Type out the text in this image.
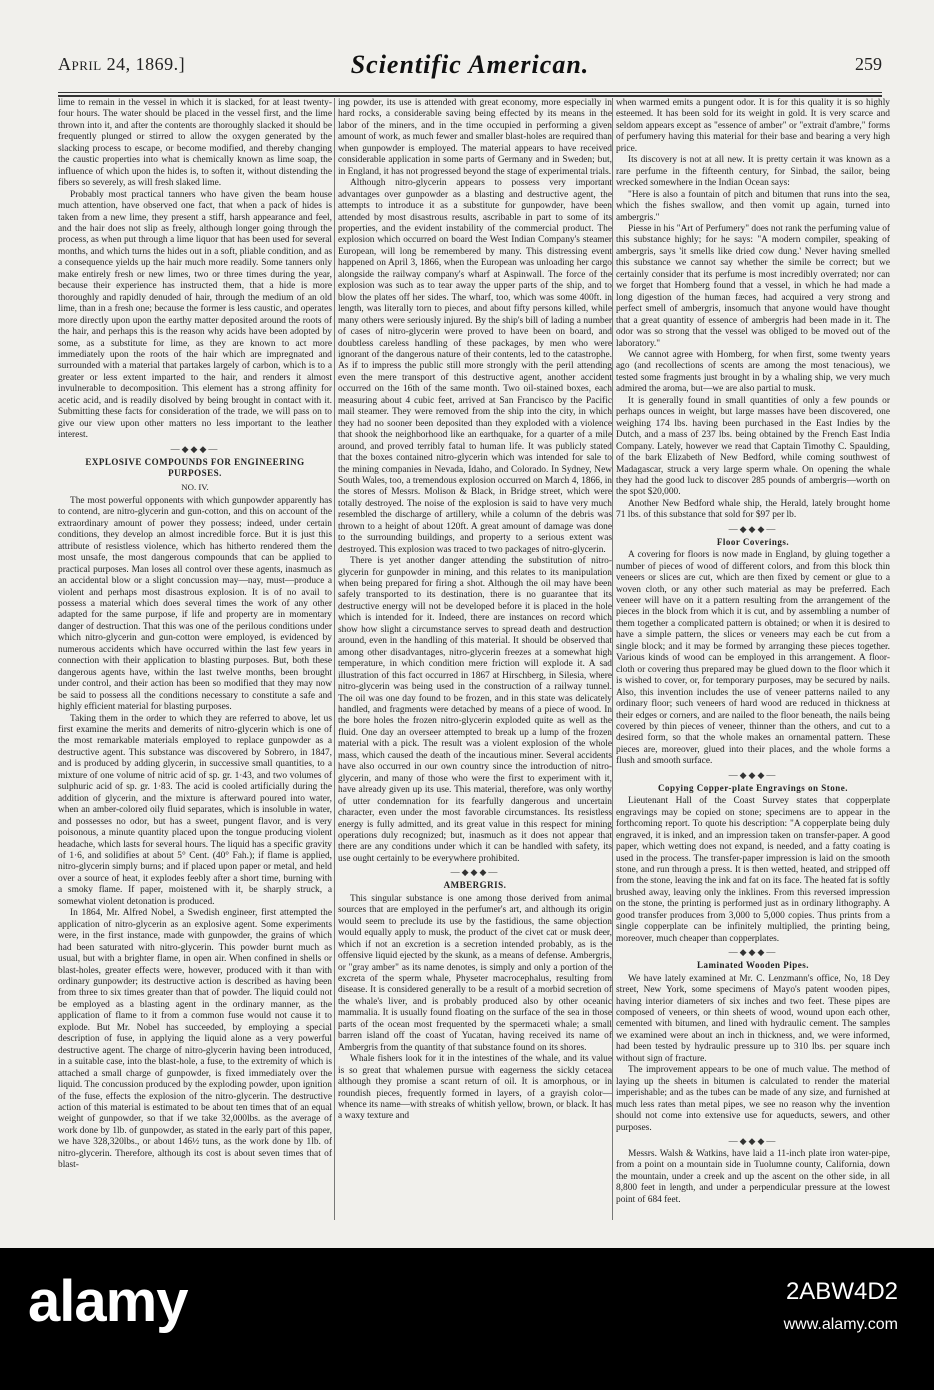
April 24, 1869.]	Scientific American.	259

lime to remain in the vessel in which it is slacked, for at least twenty-four hours. The water should be placed in the vessel first, and the lime thrown into it, and after the contents are thoroughly slacked it should be frequently plunged or stirred to allow the oxygen generated by the slacking process to escape, or become modified, and thereby changing the caustic properties into what is chemically known as lime soap, the influence of which upon the hides is, to soften it, without distending the fibers so severely, as will fresh slaked lime.

Probably most practical tanners who have given the beam house much attention, have observed one fact, that when a pack of hides is taken from a new lime, they present a stiff, harsh appearance and feel, and the hair does not slip as freely, although longer going through the process, as when put through a lime liquor that has been used for several months, and which turns the hides out in a soft, pliable condition, and as a consequence yields up the hair much more readily. Some tanners only make entirely fresh or new limes, two or three times during the year, because their experience has instructed them, that a hide is more thoroughly and rapidly denuded of hair, through the medium of an old lime, than in a fresh one; because the former is less caustic, and operates more directly upon upon the earthy matter deposited around the roots of the hair, and perhaps this is the reason why acids have been adopted by some, as a substitute for lime, as they are known to act more immediately upon the roots of the hair which are impregnated and surrounded with a material that partakes largely of carbon, which is to a greater or less extent imparted to the hair, and renders it almost invulnerable to decomposition. This element has a strong affinity for acetic acid, and is readily disolved by being brought in contact with it. Submitting these facts for consideration of the trade, we will pass on to give our view upon other matters no less important to the leather interest.

—◆◆◆—
EXPLOSIVE COMPOUNDS FOR ENGINEERING PURPOSES.
NO. IV.

The most powerful opponents with which gunpowder apparently has to contend, are nitro-glycerin and gun-cotton, and this on account of the extraordinary amount of power they possess; indeed, under certain conditions, they develop an almost incredible force. But it is just this attribute of resistless violence, which has hitherto rendered them the most unsafe, the most dangerous compounds that can be applied to practical purposes. Man loses all control over these agents, inasmuch as an accidental blow or a slight concussion may—nay, must—produce a violent and perhaps most disastrous explosion. It is of no avail to possess a material which does several times the work of any other adapted for the same purpose, if life and property are in momentary danger of destruction. That this was one of the perilous conditions under which nitro-glycerin and gun-cotton were employed, is evidenced by numerous accidents which have occurred within the last few years in connection with their application to blasting purposes. But, both these dangerous agents have, within the last twelve months, been brought under control, and their action has been so modified that they may now be said to possess all the conditions necessary to constitute a safe and highly efficient material for blasting purposes.

Taking them in the order to which they are referred to above, let us first examine the merits and demerits of nitro-glycerin which is one of the most remarkable materials employed to replace gunpowder as a destructive agent. This substance was discovered by Sobrero, in 1847, and is produced by adding glycerin, in successive small quantities, to a mixture of one volume of nitric acid of sp. gr. 1·43, and two volumes of sulphuric acid of sp. gr. 1·83. The acid is cooled artificially during the addition of glycerin, and the mixture is afterward poured into water, when an amber-colored oily fluid separates, which is insoluble in water, and possesses no odor, but has a sweet, pungent flavor, and is very poisonous, a minute quantity placed upon the tongue producing violent headache, which lasts for several hours. The liquid has a specific gravity of 1·6, and solidifies at about 5° Cent. (40° Fah.); if flame is applied, nitro-glycerin simply burns; and if placed upon paper or metal, and held over a source of heat, it explodes feebly after a short time, burning with a smoky flame. If paper, moistened with it, be sharply struck, a somewhat violent detonation is produced.

In 1864, Mr. Alfred Nobel, a Swedish engineer, first attempted the application of nitro-glycerin as an explosive agent. Some experiments were, in the first instance, made with gunpowder, the grains of which had been saturated with nitro-glycerin. This powder burnt much as usual, but with a brighter flame, in open air. When confined in shells or blast-holes, greater effects were, however, produced with it than with ordinary gunpowder; its destructive action is described as having been from three to six times greater than that of powder. The liquid could not be employed as a blasting agent in the ordinary manner, as the application of flame to it from a common fuse would not cause it to explode. But Mr. Nobel has succeeded, by employing a special description of fuse, in applying the liquid alone as a very powerful destructive agent. The charge of nitro-glycerin having been introduced, in a suitable case, into the blast-hole, a fuse, to the extremity of which is attached a small charge of gunpowder, is fixed immediately over the liquid. The concussion produced by the exploding powder, upon ignition of the fuse, effects the explosion of the nitro-glycerin. The destructive action of this material is estimated to be about ten times that of an equal weight of gunpowder, so that if we take 32,000lbs. as the average of work done by 1lb. of gunpowder, as stated in the early part of this paper, we have 328,320lbs., or about 146½ tuns, as the work done by 1lb. of nitro-glycerin. Therefore, although its cost is about seven times that of blast-

ing powder, its use is attended with great economy, more especially in hard rocks, a considerable saving being effected by its means in the labor of the miners, and in the time occupied in performing a given amount of work, as much fewer and smaller blast-holes are required than when gunpowder is employed. The material appears to have received considerable application in some parts of Germany and in Sweden; but, in England, it has not progressed beyond the stage of experimental trials.

Although nitro-glycerin appears to possess very important advantages over gunpowder as a blasting and destructive agent, the attempts to introduce it as a substitute for gunpowder, have been attended by most disastrous results, ascribable in part to some of its properties, and the evident instability of the commercial product. The explosion which occurred on board the West Indian Company's steamer European, will long be remembered by many. This distressing event happened on April 3, 1866, when the European was unloading her cargo alongside the railway company's wharf at Aspinwall. The force of the explosion was such as to tear away the upper parts of the ship, and to blow the plates off her sides. The wharf, too, which was some 400ft. in length, was literally torn to pieces, and about fifty persons killed, while many others were seriously injured. By the ship's bill of lading a number of cases of nitro-glycerin were proved to have been on board, and doubtless careless handling of these packages, by men who were ignorant of the dangerous nature of their contents, led to the catastrophe. As if to impress the public still more strongly with the peril attending even the mere transport of this destructive agent, another accident occurred on the 16th of the same month. Two oil-stained boxes, each measuring about 4 cubic feet, arrived at San Francisco by the Pacific mail steamer. They were removed from the ship into the city, in which they had no sooner been deposited than they exploded with a violence that shook the neighborhood like an earthquake, for a quarter of a mile around, and proved terribly fatal to human life. It was publicly stated that the boxes contained nitro-glycerin which was intended for sale to the mining companies in Nevada, Idaho, and Colorado. In Sydney, New South Wales, too, a tremendous explosion occurred on March 4, 1866, in the stores of Messrs. Molison & Black, in Bridge street, which were totally destroyed. The noise of the explosion is said to have very much resembled the discharge of artillery, while a column of the debris was thrown to a height of about 120ft. A great amount of damage was done to the surrounding buildings, and property to a serious extent was destroyed. This explosion was traced to two packages of nitro-glycerin.

There is yet another danger attending the substitution of nitro-glycerin for gunpowder in mining, and this relates to its manipulation when being prepared for firing a shot. Although the oil may have been safely transported to its destination, there is no guarantee that its destructive energy will not be developed before it is placed in the hole which is intended for it. Indeed, there are instances on record which show how slight a circumstance serves to spread death and destruction around, even in the handling of this material. It should be observed that among other disadvantages, nitro-glycerin freezes at a somewhat high temperature, in which condition mere friction will explode it. A sad illustration of this fact occurred in 1867 at Hirschberg, in Silesia, where nitro-glycerin was being used in the construction of a railway tunnel. The oil was one day found to be frozen, and in this state was delicately handled, and fragments were detached by means of a piece of wood. In the bore holes the frozen nitro-glycerin exploded quite as well as the fluid. One day an overseer attempted to break up a lump of the frozen material with a pick. The result was a violent explosion of the whole mass, which caused the death of the incautious miner. Several accidents have also occurred in our own country since the introduction of nitro-glycerin, and many of those who were the first to experiment with it, have already given up its use. This material, therefore, was only worthy of utter condemnation for its fearfully dangerous and uncertain character, even under the most favorable circumstances. Its resistless energy is fully admitted, and its great value in this respect for mining operations duly recognized; but, inasmuch as it does not appear that there are any conditions under which it can be handled with safety, its use ought certainly to be everywhere prohibited.

—◆◆◆—
AMBERGRIS.

This singular substance is one among those derived from animal sources that are employed in the perfumer's art, and although its origin would seem to preclude its use by the fastidious, the same objection would equally apply to musk, the product of the civet cat or musk deer, which if not an excretion is a secretion intended probably, as is the offensive liquid ejected by the skunk, as a means of defense. Ambergris, or "gray amber" as its name denotes, is simply and only a portion of the excreta of the sperm whale, Physeter macrocephalus, resulting from disease. It is considered generally to be a result of a morbid secretion of the whale's liver, and is probably produced also by other oceanic mammalia. It is usually found floating on the surface of the sea in those parts of the ocean most frequented by the spermaceti whale; a small barren island off the coast of Yucatan, having received its name of Ambergris from the quantity of that substance found on its shores.

Whale fishers look for it in the intestines of the whale, and its value is so great that whalemen pursue with eagerness the sickly cetacea although they promise a scant return of oil. It is amorphous, or in roundish pieces, frequently formed in layers, of a grayish color—whence its name—with streaks of whitish yellow, brown, or black. It has a waxy texture and

when warmed emits a pungent odor. It is for this quality it is so highly esteemed. It has been sold for its weight in gold. It is very scarce and seldom appears except as "essence of amber" or "extrait d'ambre," forms of perfumery having this material for their base and bearing a very high price.

Its discovery is not at all new. It is pretty certain it was known as a rare perfume in the fifteenth century, for Sinbad, the sailor, being wrecked somewhere in the Indian Ocean says:

"Here is also a fountain of pitch and bitumen that runs into the sea, which the fishes swallow, and then vomit up again, turned into ambergris."

Piesse in his "Art of Perfumery" does not rank the perfuming value of this substance highly; for he says: "A modern compiler, speaking of ambergris, says 'it smells like dried cow dung.' Never having smelled this substance we cannot say whether the simile be correct; but we certainly consider that its perfume is most incredibly overrated; nor can we forget that Homberg found that a vessel, in which he had made a long digestion of the human fæces, had acquired a very strong and perfect smell of ambergris, insomuch that anyone would have thought that a great quantity of essence of ambergris had been made in it. The odor was so strong that the vessel was obliged to be moved out of the laboratory."

We cannot agree with Homberg, for when first, some twenty years ago (and recollections of scents are among the most tenacious), we tested some fragments just brought in by a whaling ship, we very much admired the aroma, but—we are also partial to musk.

It is generally found in small quantities of only a few pounds or perhaps ounces in weight, but large masses have been discovered, one weighing 174 lbs. having been purchased in the East Indies by the Dutch, and a mass of 237 lbs. being obtained by the French East India Company. Lately, however we read that Captain Timothy C. Spaulding, of the bark Elizabeth of New Bedford, while coming southwest of Madagascar, struck a very large sperm whale. On opening the whale they had the good luck to discover 285 pounds of ambergris—worth on the spot $20,000.

Another New Bedford whale ship, the Herald, lately brought home 71 lbs. of this substance that sold for $97 per lb.

—◆◆◆—
Floor Coverings.

A covering for floors is now made in England, by gluing together a number of pieces of wood of different colors, and from this block thin veneers or slices are cut, which are then fixed by cement or glue to a woven cloth, or any other such material as may be preferred. Each veneer will have on it a pattern resulting from the arrangement of the pieces in the block from which it is cut, and by assembling a number of them together a complicated pattern is obtained; or when it is desired to have a simple pattern, the slices or veneers may each be cut from a single block; and it may be formed by arranging these pieces together. Various kinds of wood can be employed in this arrangement. A floor-cloth or covering thus prepared may be glued down to the floor which it is wished to cover, or, for temporary purposes, may be secured by nails. Also, this invention includes the use of veneer patterns nailed to any ordinary floor; such veneers of hard wood are reduced in thickness at their edges or corners, and are nailed to the floor beneath, the nails being covered by thin pieces of veneer, thinner than the others, and cut to a desired form, so that the whole makes an ornamental pattern. These pieces are, moreover, glued into their places, and the whole forms a flush and smooth surface.

—◆◆◆—
Copying Copper-plate Engravings on Stone.

Lieutenant Hall of the Coast Survey states that copperplate engravings may be copied on stone; specimens are to appear in the forthcoming report. To quote his description: "A copperplate being duly engraved, it is inked, and an impression taken on transfer-paper. A good paper, which wetting does not expand, is needed, and a fatty coating is used in the process. The transfer-paper impression is laid on the smooth stone, and run through a press. It is then wetted, heated, and stripped off from the stone, leaving the ink and fat on its face. The heated fat is softly brushed away, leaving only the inklines. From this reversed impression on the stone, the printing is performed just as in ordinary lithography. A good transfer produces from 3,000 to 5,000 copies. Thus prints from a single copperplate can be infinitely multiplied, the printing being, moreover, much cheaper than copperplates.

—◆◆◆—
Laminated Wooden Pipes.

We have lately examined at Mr. C. Lenzmann's office, No, 18 Dey street, New York, some specimens of Mayo's patent wooden pipes, having interior diameters of six inches and two feet. These pipes are composed of veneers, or thin sheets of wood, wound upon each other, cemented with bitumen, and lined with hydraulic cement. The samples we examined were about an inch in thickness, and, we were informed, had been tested by hydraulic pressure up to 310 lbs. per square inch without sign of fracture.

The improvement appears to be one of much value. The method of laying up the sheets in bitumen is calculated to render the material imperishable; and as the tubes can be made of any size, and furnished at much less rates than metal pipes, we see no reason why the invention should not come into extensive use for aqueducts, sewers, and other purposes.

—◆◆◆—

Messrs. Walsh & Watkins, have laid a 11-inch plate iron water-pipe, from a point on a mountain side in Tuolumne county, California, down the mountain, under a creek and up the ascent on the other side, in all 8,800 feet in length, and under a perpendicular pressure at the lowest point of 684 feet.

alamy	2ABW4D2
www.alamy.com
